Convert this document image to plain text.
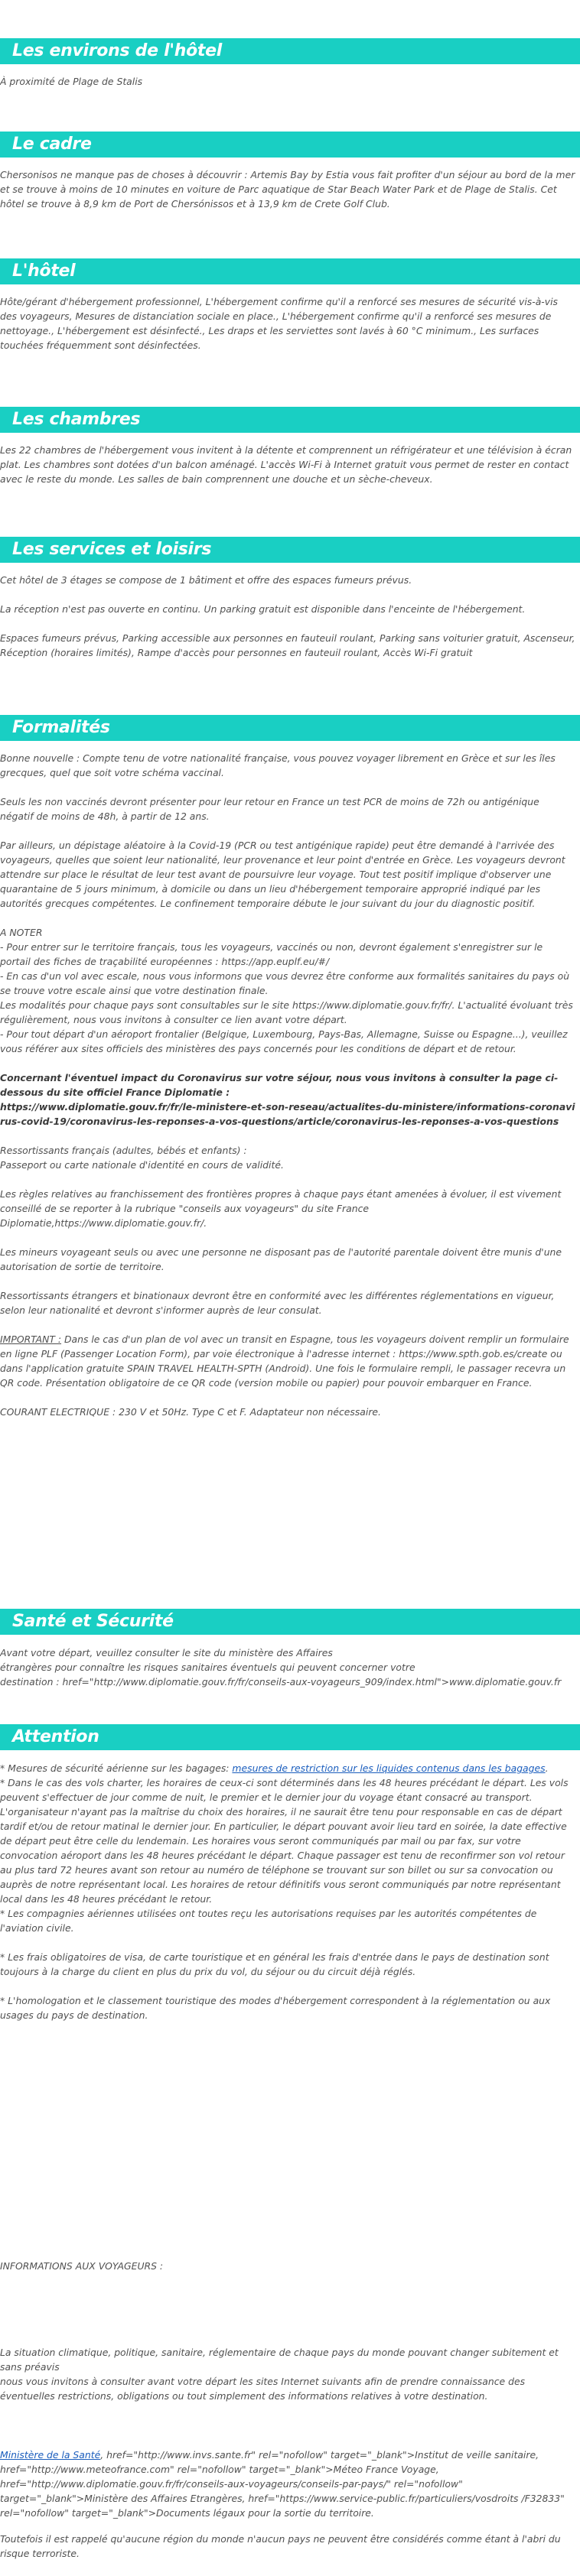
Les environs de l'hôtel
À proximité de Plage de Stalis
Le cadre
Chersonisos ne manque pas de choses à découvrir : Artemis Bay by Estia vous fait profiter d'un séjour au bord de la mer et se trouve à moins de 10 minutes en voiture de Parc aquatique de Star Beach Water Park et de Plage de Stalis. Cet hôtel se trouve à 8,9 km de Port de Chersónissos et à 13,9 km de Crete Golf Club.
L'hôtel
Hôte/gérant d'hébergement professionnel, L'hébergement confirme qu'il a renforcé ses mesures de sécurité vis-à-vis des voyageurs, Mesures de distanciation sociale en place., L'hébergement confirme qu'il a renforcé ses mesures de nettoyage., L'hébergement est désinfecté., Les draps et les serviettes sont lavés à 60 °C minimum., Les surfaces touchées fréquemment sont désinfectées.
Les chambres
Les 22 chambres de l'hébergement vous invitent à la détente et comprennent un réfrigérateur et une télévision à écran plat. Les chambres sont dotées d'un balcon aménagé. L'accès Wi-Fi à Internet gratuit vous permet de rester en contact avec le reste du monde. Les salles de bain comprennent une douche et un sèche-cheveux.
Les services et loisirs

Cet hôtel de 3 étages se compose de 1 bâtiment et offre des espaces fumeurs prévus.

La réception n'est pas ouverte en continu. Un parking gratuit est disponible dans l'enceinte de l'hébergement.

Espaces fumeurs prévus, Parking accessible aux personnes en fauteuil roulant, Parking sans voiturier gratuit, Ascenseur, Réception (horaires limités), Rampe d'accès pour personnes en fauteuil roulant, Accès Wi-Fi gratuit

Formalités

Bonne nouvelle : Compte tenu de votre nationalité française, vous pouvez voyager librement en Grèce et sur les îles grecques, quel que soit votre schéma vaccinal.

Seuls les non vaccinés devront présenter pour leur retour en France un test PCR de moins de 72h ou antigénique négatif de moins de 48h, à partir de 12 ans.

Par ailleurs, un dépistage aléatoire à la Covid-19 (PCR ou test antigénique rapide) peut être demandé à l'arrivée des voyageurs, quelles que soient leur nationalité, leur provenance et leur point d'entrée en Grèce. Les voyageurs devront attendre sur place le résultat de leur test avant de poursuivre leur voyage. Tout test positif implique d'observer une quarantaine de 5 jours minimum, à domicile ou dans un lieu d'hébergement temporaire approprié indiqué par les autorités grecques compétentes. Le confinement temporaire débute le jour suivant du jour du diagnostic positif.

A NOTER

- Pour entrer sur le territoire français, tous les voyageurs, vaccinés ou non, devront également s'enregistrer sur le portail des fiches de traçabilité européennes : https://app.euplf.eu/#/

- En cas d'un vol avec escale, nous vous informons que vous devrez être conforme aux formalités sanitaires du pays où se trouve votre escale ainsi que votre destination finale.

Les modalités pour chaque pays sont consultables sur le site https://www.diplomatie.gouv.fr/fr/. L'actualité évoluant très régulièrement, nous vous invitons à consulter ce lien avant votre départ.

- Pour tout départ d'un aéroport frontalier (Belgique, Luxembourg, Pays-Bas, Allemagne, Suisse ou Espagne...), veuillez vous référer aux sites officiels des ministères des pays concernés pour les conditions de départ et de retour.

Concernant l'éventuel impact du Coronavirus sur votre séjour, nous vous invitons à consulter la page ci-dessous du site officiel France Diplomatie :

https://www.diplomatie.gouv.fr/fr/le-ministere-et-son-reseau/actualites-du-ministere/informations-coronavirus-covid-19/coronavirus-les-reponses-a-vos-questions/article/coronavirus-les-reponses-a-vos-questions

Ressortissants français (adultes, bébés et enfants) :

Passeport ou carte nationale d'identité en cours de validité.

Les règles relatives au franchissement des frontières propres à chaque pays étant amenées à évoluer, il est vivement conseillé de se reporter à la rubrique "conseils aux voyageurs" du site France Diplomatie,https://www.diplomatie.gouv.fr/.

Les mineurs voyageant seuls ou avec une personne ne disposant pas de l'autorité parentale doivent être munis d'une autorisation de sortie de territoire.

Ressortissants étrangers et binationaux devront être en conformité avec les différentes réglementations en vigueur, selon leur nationalité et devront s'informer auprès de leur consulat.

IMPORTANT : Dans le cas d'un plan de vol avec un transit en Espagne, tous les voyageurs doivent remplir un formulaire en ligne PLF (Passenger Location Form), par voie électronique à l'adresse internet : https://www.spth.gob.es/create ou dans l'application gratuite SPAIN TRAVEL HEALTH-SPTH (Android). Une fois le formulaire rempli, le passager recevra un QR code. Présentation obligatoire de ce QR code (version mobile ou papier) pour pouvoir embarquer en France.

COURANT ELECTRIQUE : 230 V et 50Hz. Type C et F. Adaptateur non nécessaire.

Santé et Sécurité

Avant votre départ, veuillez consulter le site du ministère des Affaires

étrangères pour connaître les risques sanitaires éventuels qui peuvent concerner votre

destination : href="http://www.diplomatie.gouv.fr/fr/conseils-aux-voyageurs_909/index.html">www.diplomatie.gouv.fr

Attention

* Mesures de sécurité aérienne sur les bagages: mesures de restriction sur les liquides contenus dans les bagages.

* Dans le cas des vols charter, les horaires de ceux-ci sont déterminés dans les 48 heures précédant le départ. Les vols peuvent s'effectuer de jour comme de nuit, le premier et le dernier jour du voyage étant consacré au transport. L'organisateur n'ayant pas la maîtrise du choix des horaires, il ne saurait être tenu pour responsable en cas de départ tardif et/ou de retour matinal le dernier jour. En particulier, le départ pouvant avoir lieu tard en soirée, la date effective de départ peut être celle du lendemain. Les horaires vous seront communiqués par mail ou par fax, sur votre convocation aéroport dans les 48 heures précédant le départ. Chaque passager est tenu de reconfirmer son vol retour au plus tard 72 heures avant son retour au numéro de téléphone se trouvant sur son billet ou sur sa convocation ou auprès de notre représentant local. Les horaires de retour définitifs vous seront communiqués par notre représentant local dans les 48 heures précédant le retour.

* Les compagnies aériennes utilisées ont toutes reçu les autorisations requises par les autorités compétentes de l'aviation civile.

* Les frais obligatoires de visa, de carte touristique et en général les frais d'entrée dans le pays de destination sont toujours à la charge du client en plus du prix du vol, du séjour ou du circuit déjà réglés.

* L'homologation et le classement touristique des modes d'hébergement correspondent à la réglementation ou aux usages du pays de destination.

INFORMATIONS AUX VOYAGEURS :

La situation climatique, politique, sanitaire, réglementaire de chaque pays du monde pouvant changer subitement et sans préavis

nous vous invitons à consulter avant votre départ les sites Internet suivants afin de prendre connaissance des éventuelles restrictions, obligations ou tout simplement des informations relatives à votre destination.

Ministère de la Santé, href="http://www.invs.sante.fr" rel="nofollow" target="_blank">Institut de veille sanitaire, href="http://www.meteofrance.com" rel="nofollow" target="_blank">Méteo France Voyage, href="http://www.diplomatie.gouv.fr/fr/conseils-aux-voyageurs/conseils-par-pays/" rel="nofollow" target="_blank">Ministère des Affaires Etrangères, href="https://www.service-public.fr/particuliers/vosdroits /F32833" rel="nofollow" target="_blank">Documents légaux pour la sortie du territoire.
Toutefois il est rappelé qu'aucune région du monde n'aucun pays ne peuvent être considérés comme étant à l'abri du risque terroriste.
